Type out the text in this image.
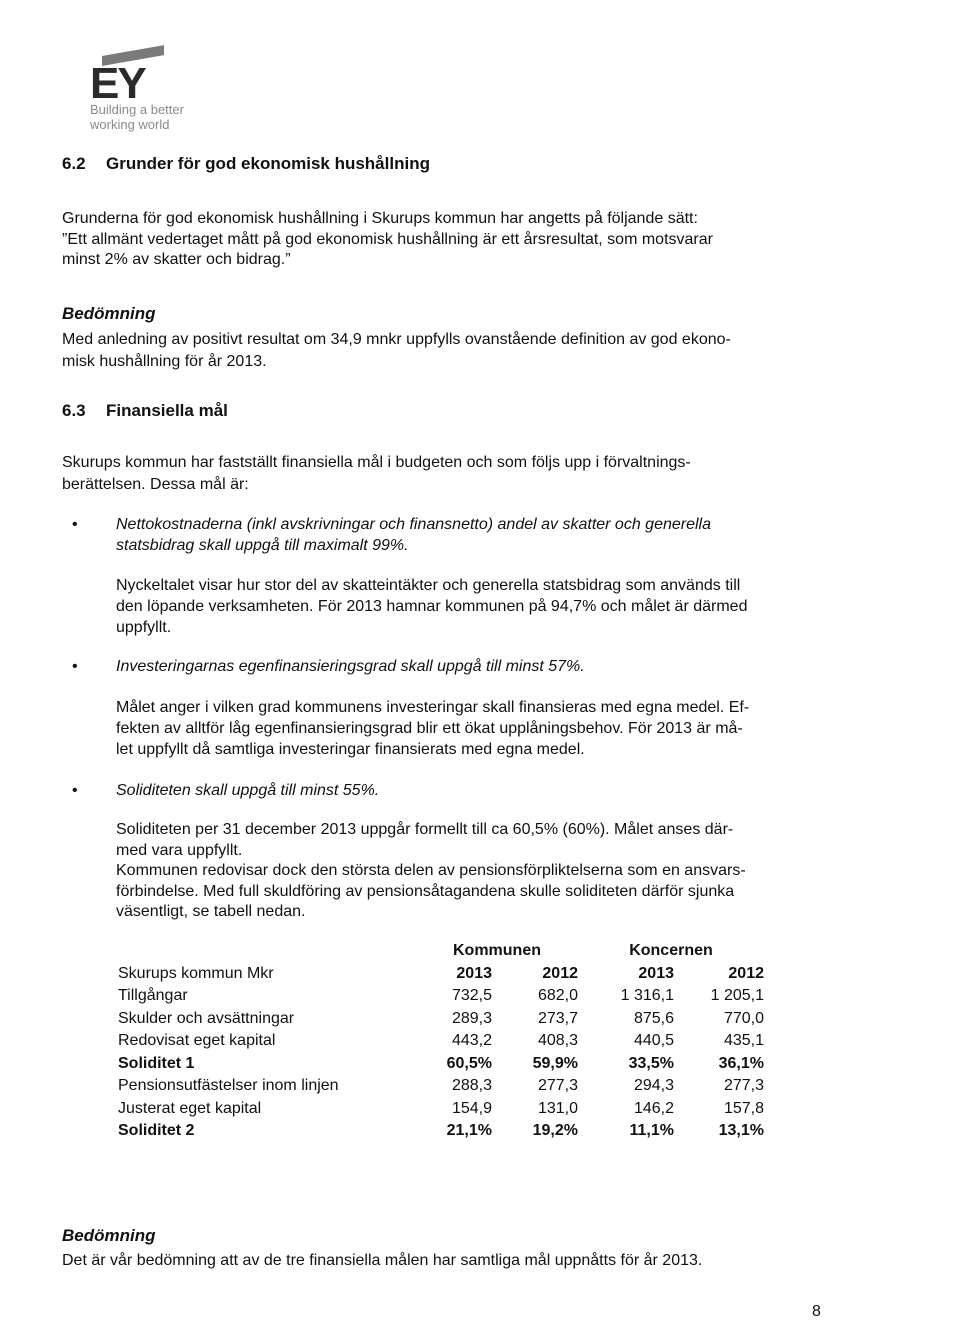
EY
Building a better
working world
6.2 Grunder för god ekonomisk hushållning
Grunderna för god ekonomisk hushållning i Skurups kommun har angetts på följande sätt:
”Ett allmänt vedertaget mått på god ekonomisk hushållning är ett årsresultat, som motsvarar
minst 2% av skatter och bidrag.”
Bedömning
Med anledning av positivt resultat om 34,9 mnkr uppfylls ovanstående definition av god ekono-
misk hushållning för år 2013.
6.3 Finansiella mål
Skurups kommun har fastställt finansiella mål i budgeten och som följs upp i förvaltnings-
berättelsen. Dessa mål är:
• Nettokostnaderna (inkl avskrivningar och finansnetto) andel av skatter och generella
statsbidrag skall uppgå till maximalt 99%.
Nyckeltalet visar hur stor del av skatteintäkter och generella statsbidrag som används till
den löpande verksamheten. För 2013 hamnar kommunen på 94,7% och målet är därmed
uppfyllt.
• Investeringarnas egenfinansieringsgrad skall uppgå till minst 57%.
Målet anger i vilken grad kommunens investeringar skall finansieras med egna medel. Ef-
fekten av alltför låg egenfinansieringsgrad blir ett ökat upplåningsbehov. För 2013 är må-
let uppfyllt då samtliga investeringar finansierats med egna medel.
• Soliditeten skall uppgå till minst 55%.
Soliditeten per 31 december 2013 uppgår formellt till ca 60,5% (60%). Målet anses där-
med vara uppfyllt.
Kommunen redovisar dock den största delen av pensionsförpliktelserna som en ansvars-
förbindelse. Med full skuldföring av pensionsåtagandena skulle soliditeten därför sjunka
väsentligt, se tabell nedan.
	Kommunen		Koncernen	
Skurups kommun Mkr	2013	2012	2013	2012
Tillgångar	732,5	682,0	1 316,1	1 205,1
Skulder och avsättningar	289,3	273,7	875,6	770,0
Redovisat eget kapital	443,2	408,3	440,5	435,1
Soliditet 1	60,5%	59,9%	33,5%	36,1%
Pensionsutfästelser inom linjen	288,3	277,3	294,3	277,3
Justerat eget kapital	154,9	131,0	146,2	157,8
Soliditet 2	21,1%	19,2%	11,1%	13,1%
Bedömning
Det är vår bedömning att av de tre finansiella målen har samtliga mål uppnåtts för år 2013.
8
